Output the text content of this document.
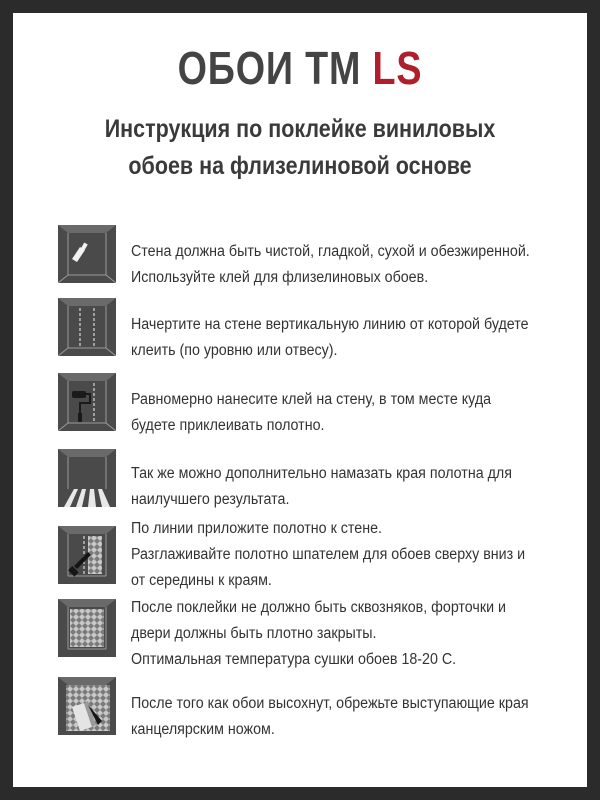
ОБОИ ТМ LS
Инструкция по поклейке виниловых
обоев на флизелиновой основе
Стена должна быть чистой, гладкой, сухой и обезжиренной.
Используйте клей для флизелиновых обоев.
Начертите на стене вертикальную линию от которой будете
клеить (по уровню или отвесу).
Равномерно нанесите клей на стену, в том месте куда
будете приклеивать полотно.
Так же можно дополнительно намазать края полотна для
наилучшего результата.
По линии приложите полотно к стене.
Разглаживайте полотно шпателем для обоев сверху вниз и
от середины к краям.
После поклейки не должно быть сквозняков, форточки и
двери должны быть плотно закрыты.
Оптимальная температура сушки обоев 18-20 С.
После того как обои высохнут, обрежьте выступающие края
канцелярским ножом.
